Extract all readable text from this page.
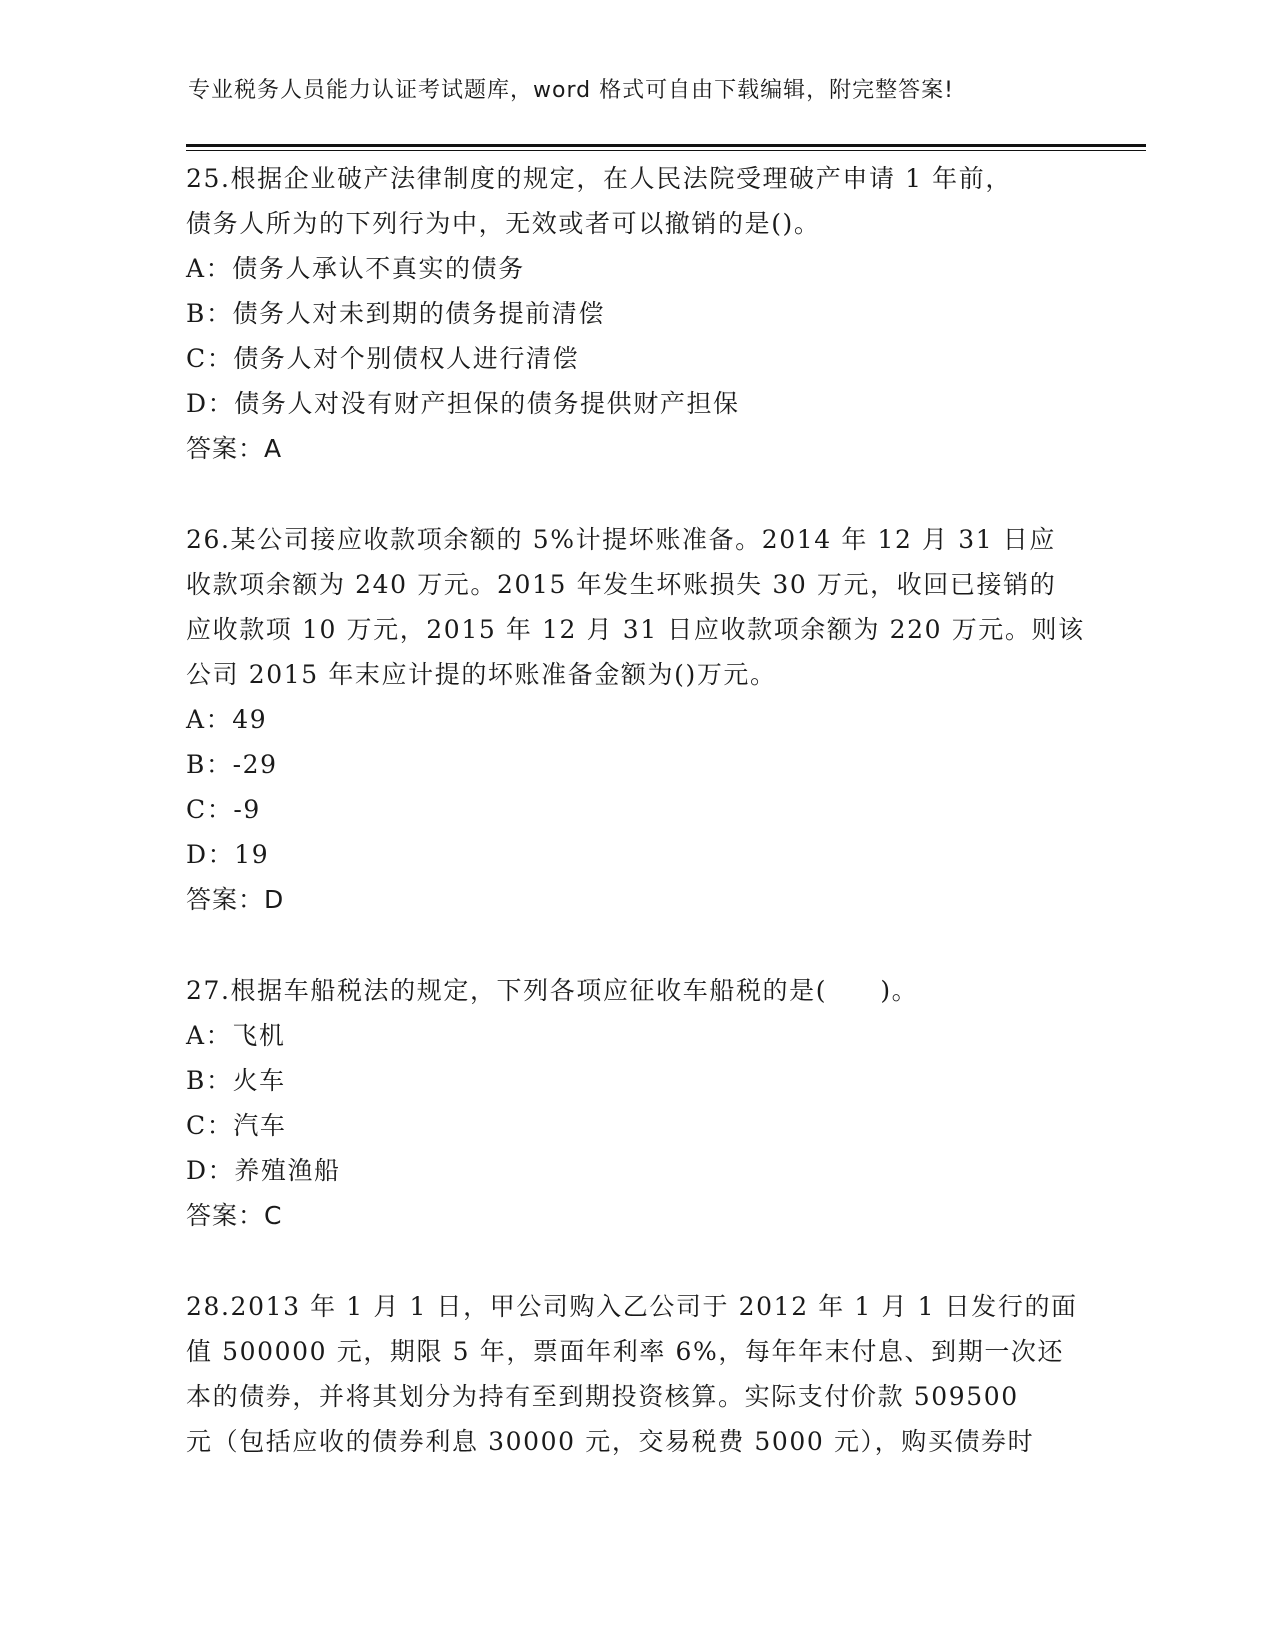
专业税务人员能力认证考试题库，word 格式可自由下载编辑，附完整答案!
25.根据企业破产法律制度的规定，在人民法院受理破产申请 1 年前，
债务人所为的下列行为中，无效或者可以撤销的是()。
A：债务人承认不真实的债务
B：债务人对未到期的债务提前清偿
C：债务人对个别债权人进行清偿
D：债务人对没有财产担保的债务提供财产担保
答案：A
26.某公司接应收款项余额的 5%计提坏账准备。2014 年 12 月 31 日应
收款项余额为 240 万元。2015 年发生坏账损失 30 万元，收回已接销的
应收款项 10 万元，2015 年 12 月 31 日应收款项余额为 220 万元。则该
公司 2015 年末应计提的坏账准备金额为()万元。
A：49
B：-29
C：-9
D：19
答案：D
27.根据车船税法的规定，下列各项应征收车船税的是(　　)。
A：飞机
B：火车
C：汽车
D：养殖渔船
答案：C
28.2013 年 1 月 1 日，甲公司购入乙公司于 2012 年 1 月 1 日发行的面
值 500000 元，期限 5 年，票面年利率 6%，每年年末付息、到期一次还
本的债券，并将其划分为持有至到期投资核算。实际支付价款 509500
元（包括应收的债券利息 30000 元，交易税费 5000 元），购买债券时
